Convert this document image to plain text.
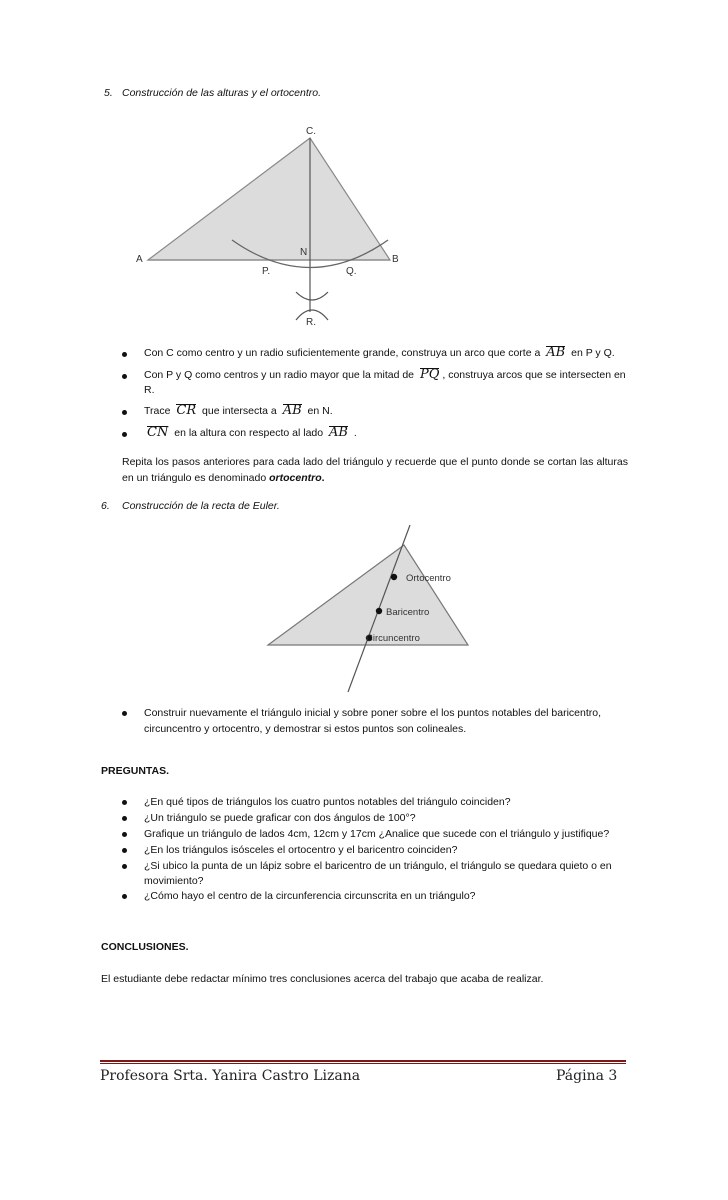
5. Construcción de las alturas y el ortocentro.
C.
A	B
N
P.	Q.
R.
Con C como centro y un radio suficientemente grande, construya un arco que corte a AB en P y Q.
Con P y Q como centros y un radio mayor que la mitad de PQ , construya arcos que se intersecten en R.
Trace CR que intersecta a AB en N.
CN en la altura con respecto al lado AB .
Repita los pasos anteriores para cada lado del triángulo y recuerde que el punto donde se cortan las alturas en un triángulo es denominado ortocentro.
6. Construcción de la recta de Euler.
Ortocentro
Baricentro
Circuncentro
Construir nuevamente el triángulo inicial y sobre poner sobre el los puntos notables del baricentro, circuncentro y ortocentro, y demostrar si estos puntos son colineales.
PREGUNTAS.
¿En qué tipos de triángulos los cuatro puntos notables del triángulo coinciden?
¿Un triángulo se puede graficar con dos ángulos de 100°?
Grafique un triángulo de lados 4cm, 12cm y 17cm ¿Analice que sucede con el triángulo y justifique?
¿En los triángulos isósceles el ortocentro y el baricentro coinciden?
¿Si ubico la punta de un lápiz sobre el baricentro de un triángulo, el triángulo se quedara quieto o en movimiento?
¿Cómo hayo el centro de la circunferencia circunscrita en un triángulo?
CONCLUSIONES.
El estudiante debe redactar mínimo tres conclusiones acerca del trabajo que acaba de realizar.
Profesora Srta. Yanira Castro Lizana	Página 3
